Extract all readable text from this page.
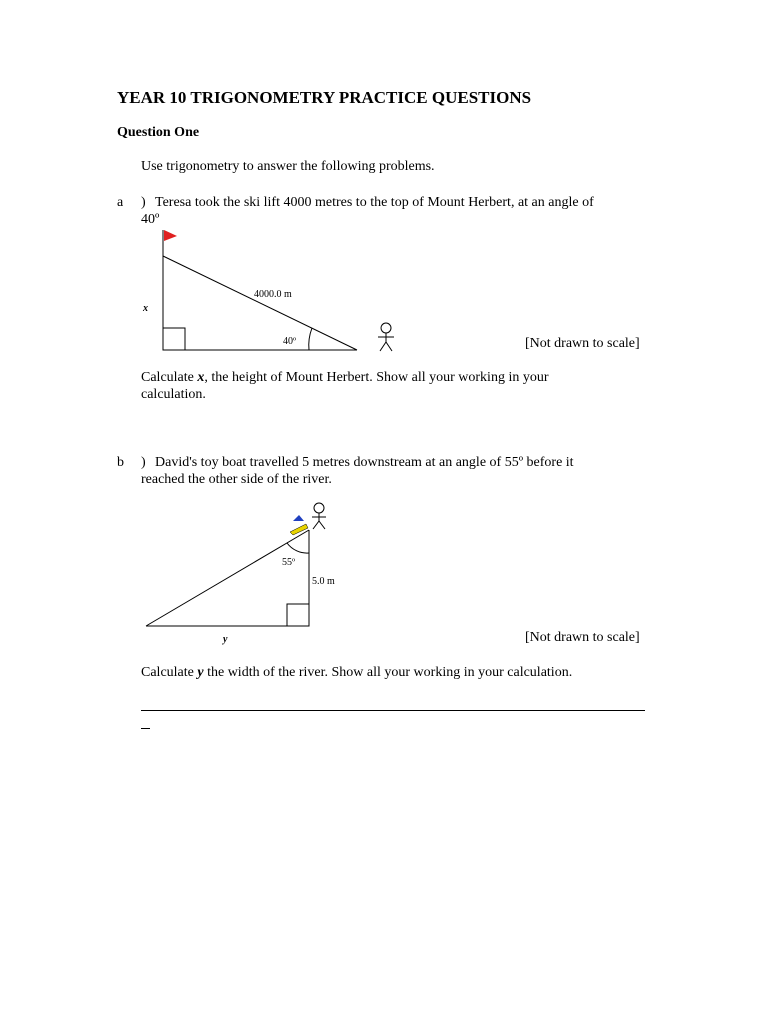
YEAR 10 TRIGONOMETRY PRACTICE QUESTIONS
Question One
Use trigonometry to answer the following problems.
a ) Teresa took the ski lift 4000 metres to the top of Mount Herbert, at an angle of
40º
4000.0 m
40º
x
[Not drawn to scale]
Calculate x, the height of Mount Herbert. Show all your working in your
calculation.
b ) David's toy boat travelled 5 metres downstream at an angle of 55º before it
reached the other side of the river.
55º
5.0 m
y	[Not drawn to scale]
Calculate y the width of the river. Show all your working in your calculation.
